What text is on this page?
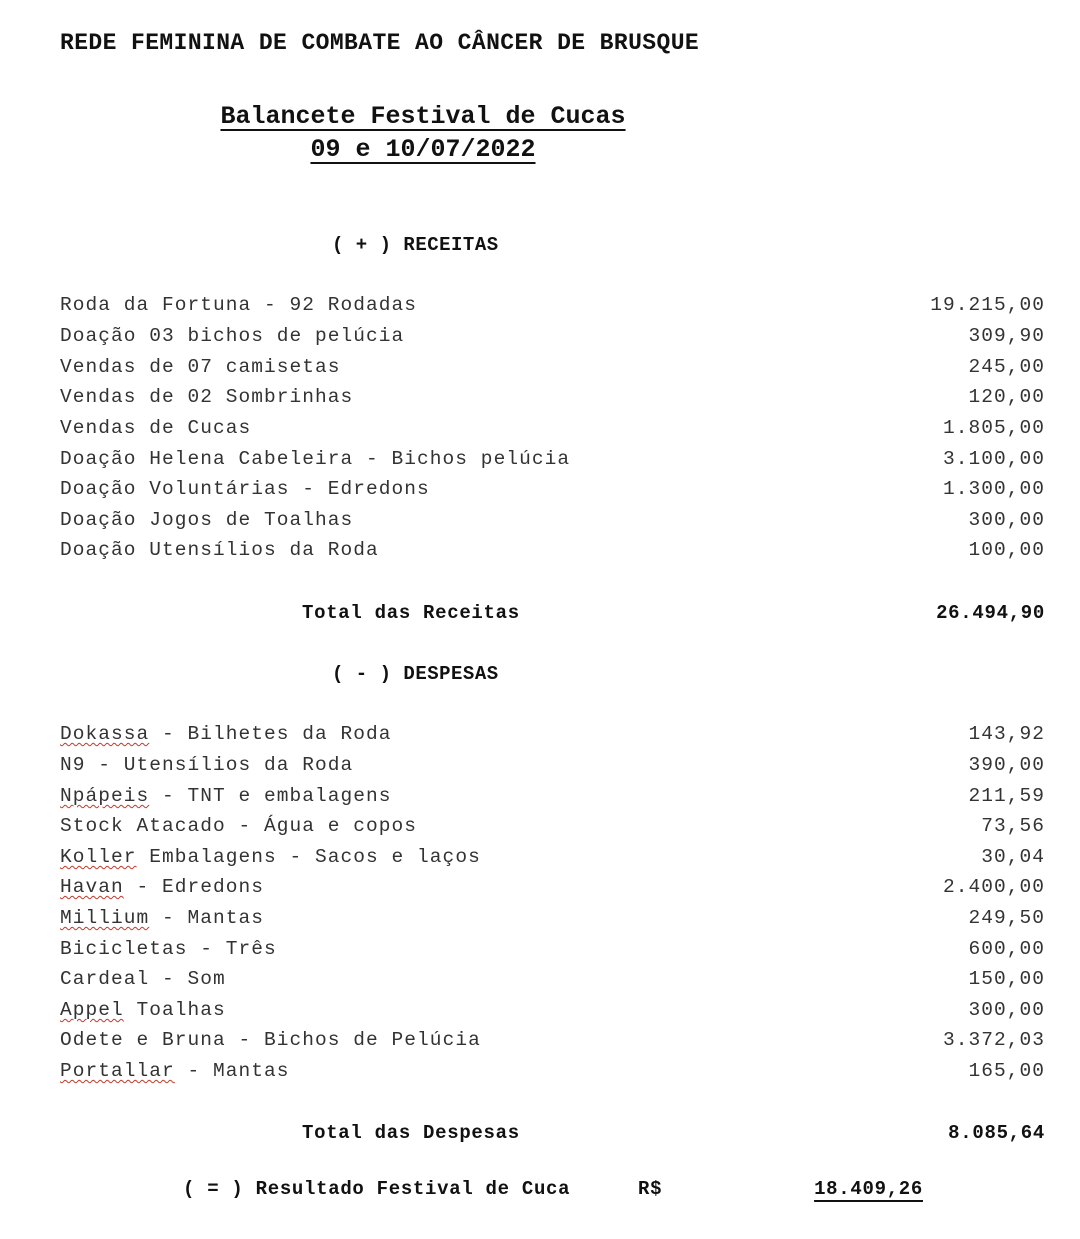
REDE FEMININA DE COMBATE AO CÂNCER DE BRUSQUE
Balancete Festival de Cucas
09 e 10/07/2022
( + ) RECEITAS
Roda da Fortuna - 92 Rodadas	19.215,00
Doação 03 bichos de pelúcia	309,90
Vendas de 07 camisetas	245,00
Vendas de 02 Sombrinhas	120,00
Vendas de Cucas	1.805,00
Doação Helena Cabeleira - Bichos pelúcia	3.100,00
Doação Voluntárias - Edredons	1.300,00
Doação Jogos de Toalhas	300,00
Doação Utensílios da Roda	100,00
Total das Receitas	26.494,90
( - ) DESPESAS
Dokassa - Bilhetes da Roda	143,92
N9 - Utensílios da Roda	390,00
Npápeis - TNT e embalagens	211,59
Stock Atacado - Água e copos	73,56
Koller Embalagens - Sacos e laços	30,04
Havan - Edredons	2.400,00
Millium - Mantas	249,50
Bicicletas - Três	600,00
Cardeal - Som	150,00
Appel Toalhas	300,00
Odete e Bruna - Bichos de Pelúcia	3.372,03
Portallar - Mantas	165,00
Total das Despesas	8.085,64
( = ) Resultado Festival de Cuca	R$	18.409,26
